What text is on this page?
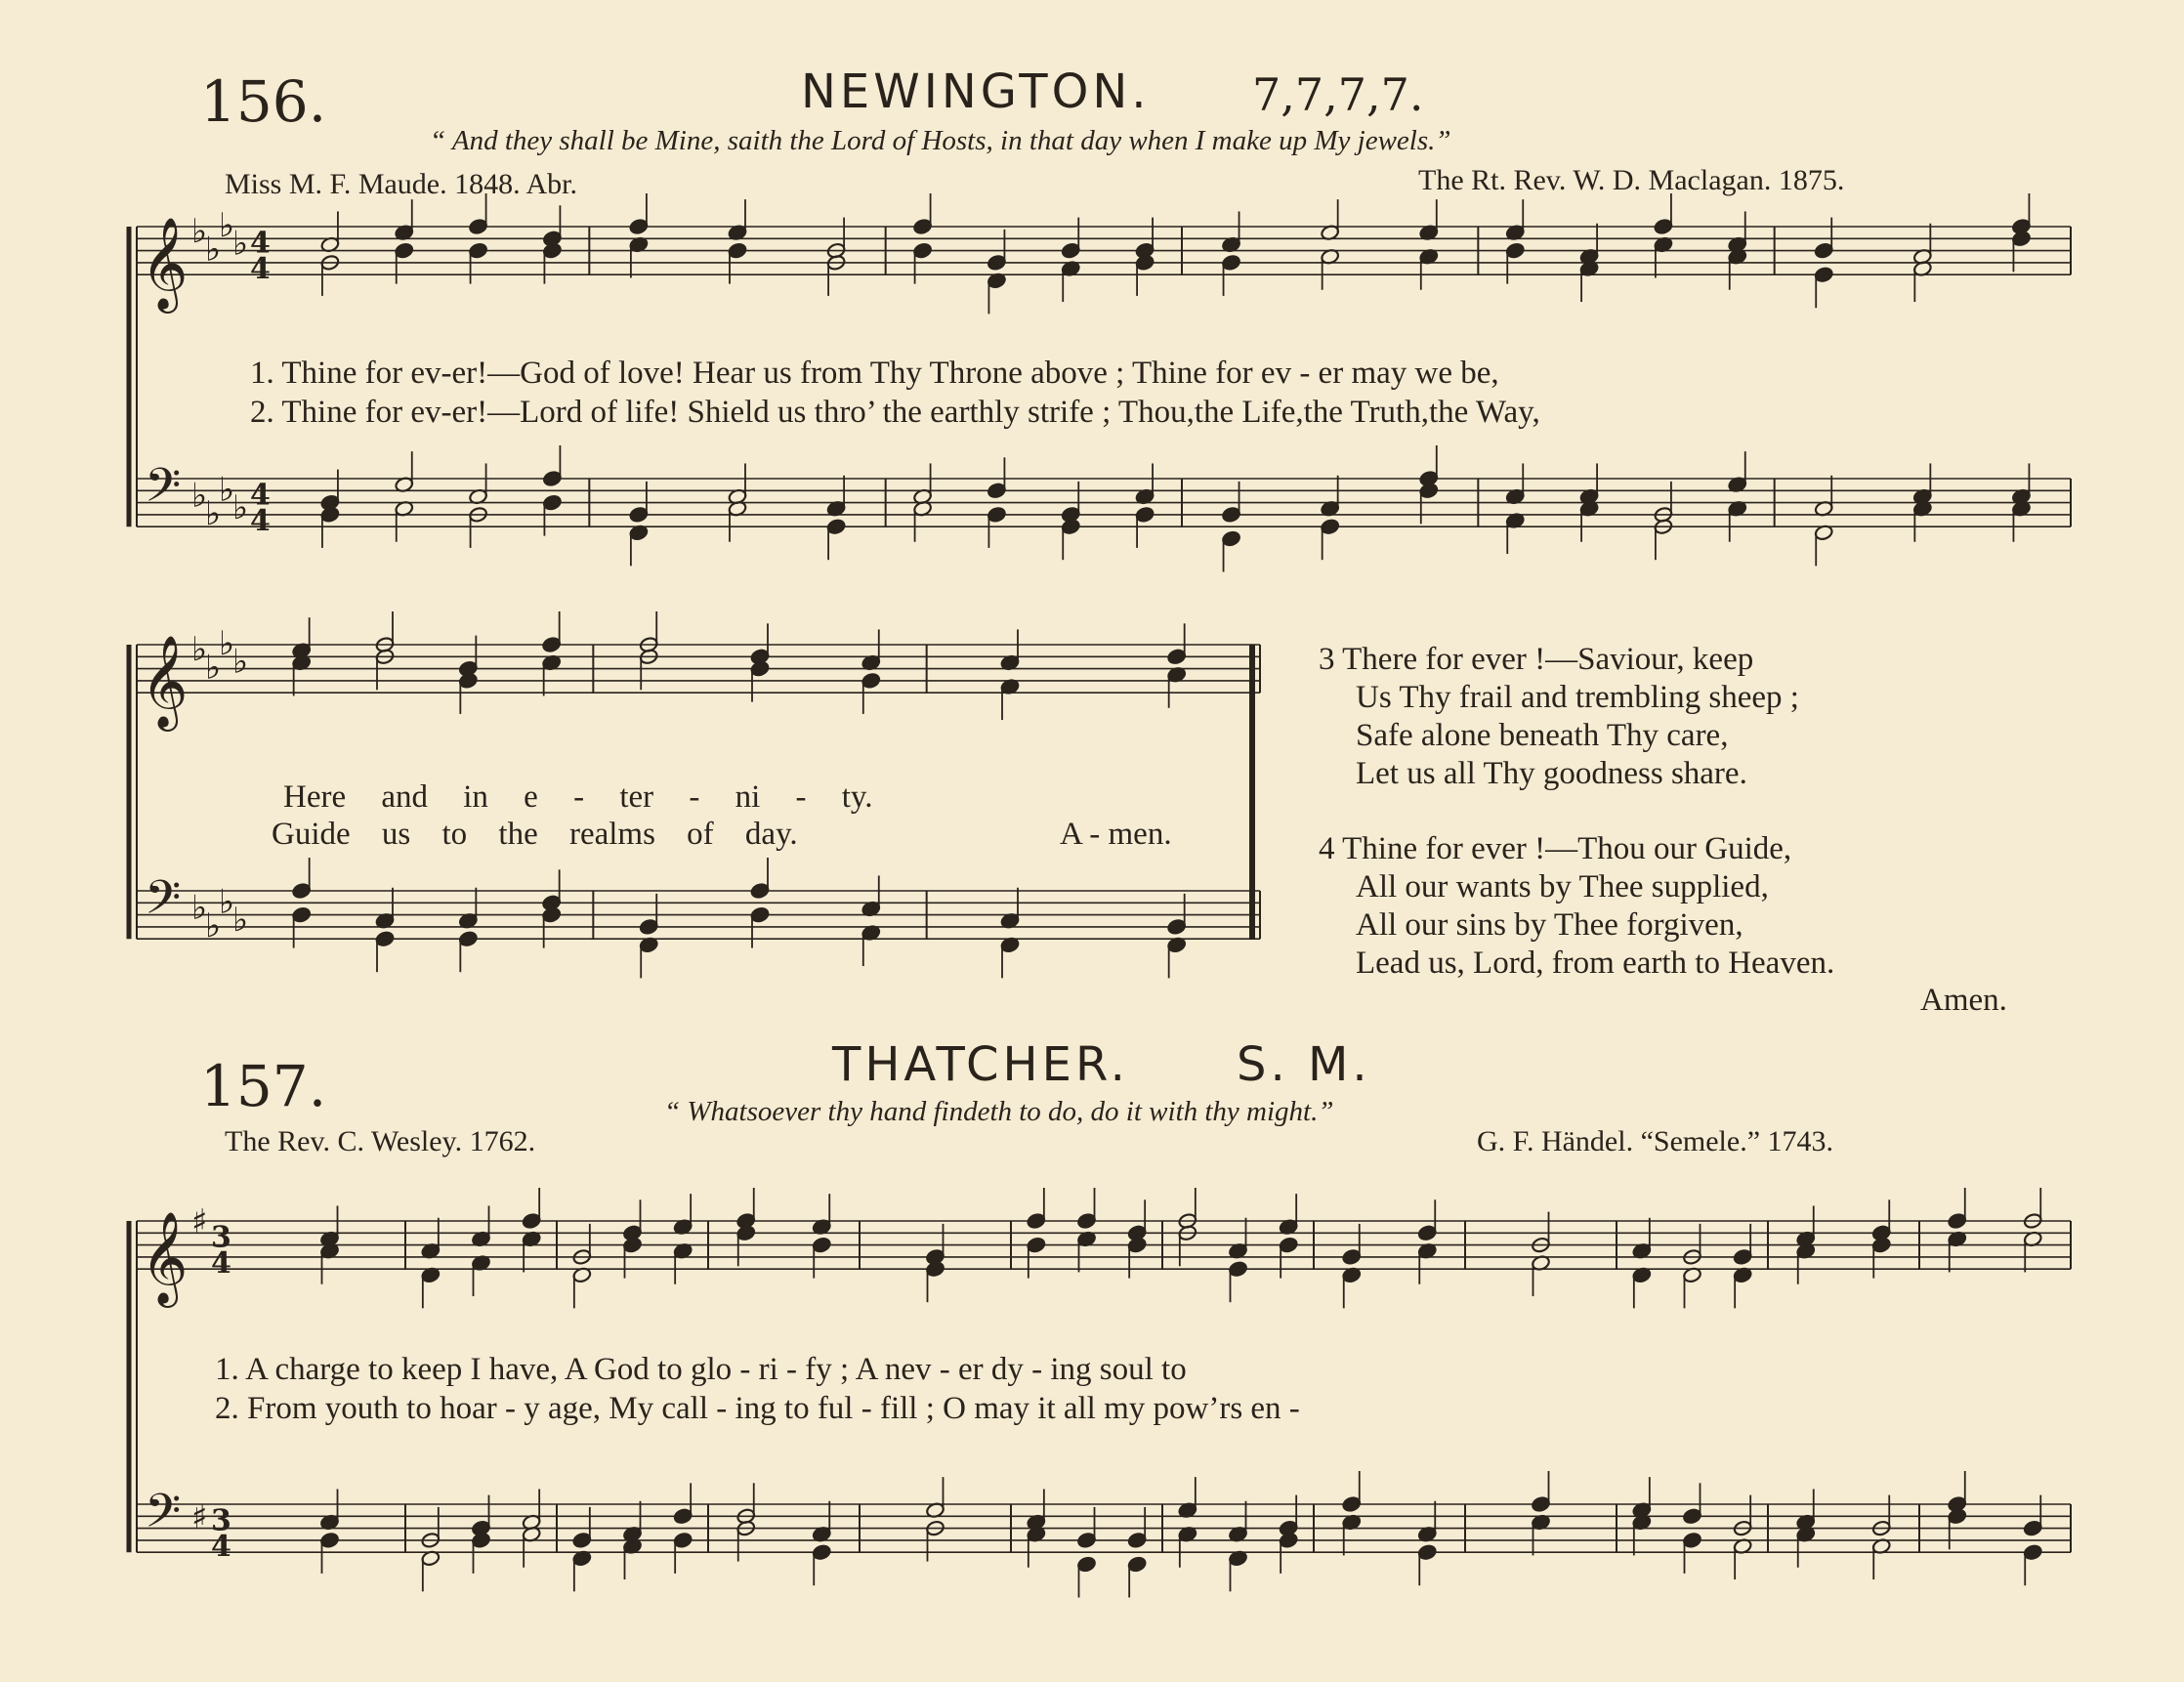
𝄞
𝄢
♭
♭
♭
♭
♭
♭
♭
♭
4
4
4
4
𝄞
𝄢
♭
♭
♭
♭
♭
♭
♭
♭
𝄞
𝄢
♯
♯
3
4
3
4
156.	NEWINGTON. 7,7,7,7.
“ And they shall be Mine, saith the Lord of Hosts, in that day when I make up My jewels.”
Miss M. F. Maude. 1848. Abr.	The Rt. Rev. W. D. Maclagan. 1875.
1. Thine for ev-er!—God of love! Hear us from Thy Throne above ; Thine for ev - er may we be,
2. Thine for ev-er!—Lord of life! Shield us thro’ the earthly strife ; Thou,the Life,the Truth,the Way,
Here and in e - ter - ni - ty.
Guide us to the realms of day.	A - men.
3 There for ever !—Saviour, keep
Us Thy frail and trembling sheep ;
Safe alone beneath Thy care,
Let us all Thy goodness share.
4 Thine for ever !—Thou our Guide,
All our wants by Thee supplied,
All our sins by Thee forgiven,
Lead us, Lord, from earth to Heaven.
Amen.
157.	THATCHER. S. M.
“ Whatsoever thy hand findeth to do, do it with thy might.”
The Rev. C. Wesley. 1762.	G. F. Händel. “Semele.” 1743.
1. A charge to keep I have, A God to glo - ri - fy ; A nev - er dy - ing soul to
2. From youth to hoar - y age, My call - ing to ful - fill ; O may it all my pow’rs en -
